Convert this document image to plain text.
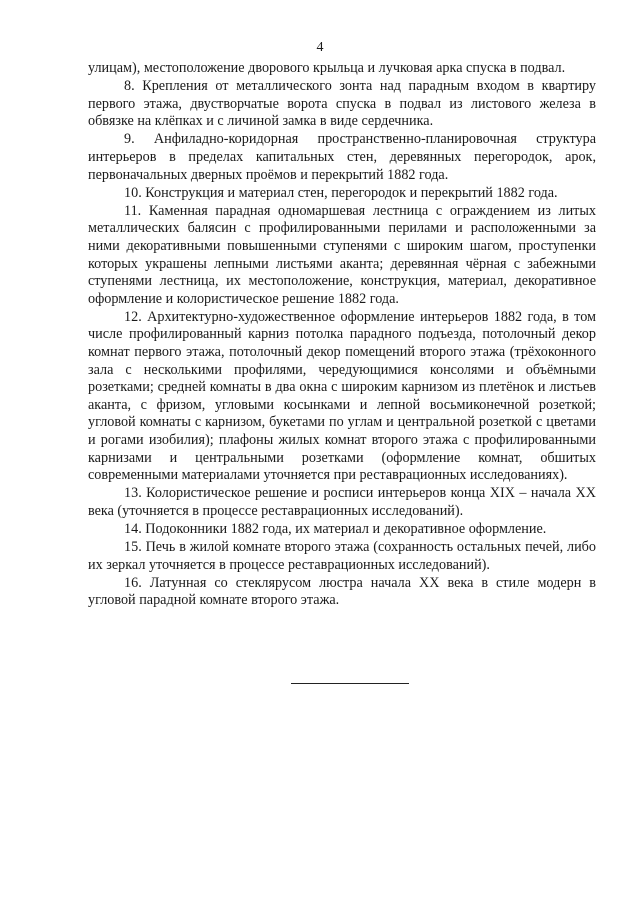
4

улицам), местоположение дворового крыльца и лучковая арка спуска в подвал.

8. Крепления от металлического зонта над парадным входом в квартиру первого этажа, двустворчатые ворота спуска в подвал из листового железа в обвязке на клёпках и с личиной замка в виде сердечника.

9. Анфиладно-коридорная пространственно-планировочная структура интерьеров в пределах капитальных стен, деревянных перегородок, арок, первоначальных дверных проёмов и перекрытий 1882 года.

10. Конструкция и материал стен, перегородок и перекрытий 1882 года.

11. Каменная парадная одномаршевая лестница с ограждением из литых металлических балясин с профилированными перилами и расположенными за ними декоративными повышенными ступенями с широким шагом, проступенки которых украшены лепными листьями аканта; деревянная чёрная с забежными ступенями лестница, их местоположение, конструкция, материал, декоративное оформление и колористическое решение 1882 года.

12. Архитектурно-художественное оформление интерьеров 1882 года, в том числе профилированный карниз потолка парадного подъезда, потолочный декор комнат первого этажа, потолочный декор помещений второго этажа (трёхоконного зала с несколькими профилями, чередующимися консолями и объёмными розетками; средней комнаты в два окна с широким карнизом из плетёнок и листьев аканта, с фризом, угловыми косынками и лепной восьмиконечной розеткой; угловой комнаты с карнизом, букетами по углам и центральной розеткой с цветами и рогами изобилия); плафоны жилых комнат второго этажа с профилированными карнизами и центральными розетками (оформление комнат, обшитых современными материалами уточняется при реставрационных исследованиях).

13. Колористическое решение и росписи интерьеров конца XIX – начала XX века (уточняется в процессе реставрационных исследований).

14. Подоконники 1882 года, их материал и декоративное оформление.

15. Печь в жилой комнате второго этажа (сохранность остальных печей, либо их зеркал уточняется в процессе реставрационных исследований).

16. Латунная со стеклярусом люстра начала XX века в стиле модерн в угловой парадной комнате второго этажа.
